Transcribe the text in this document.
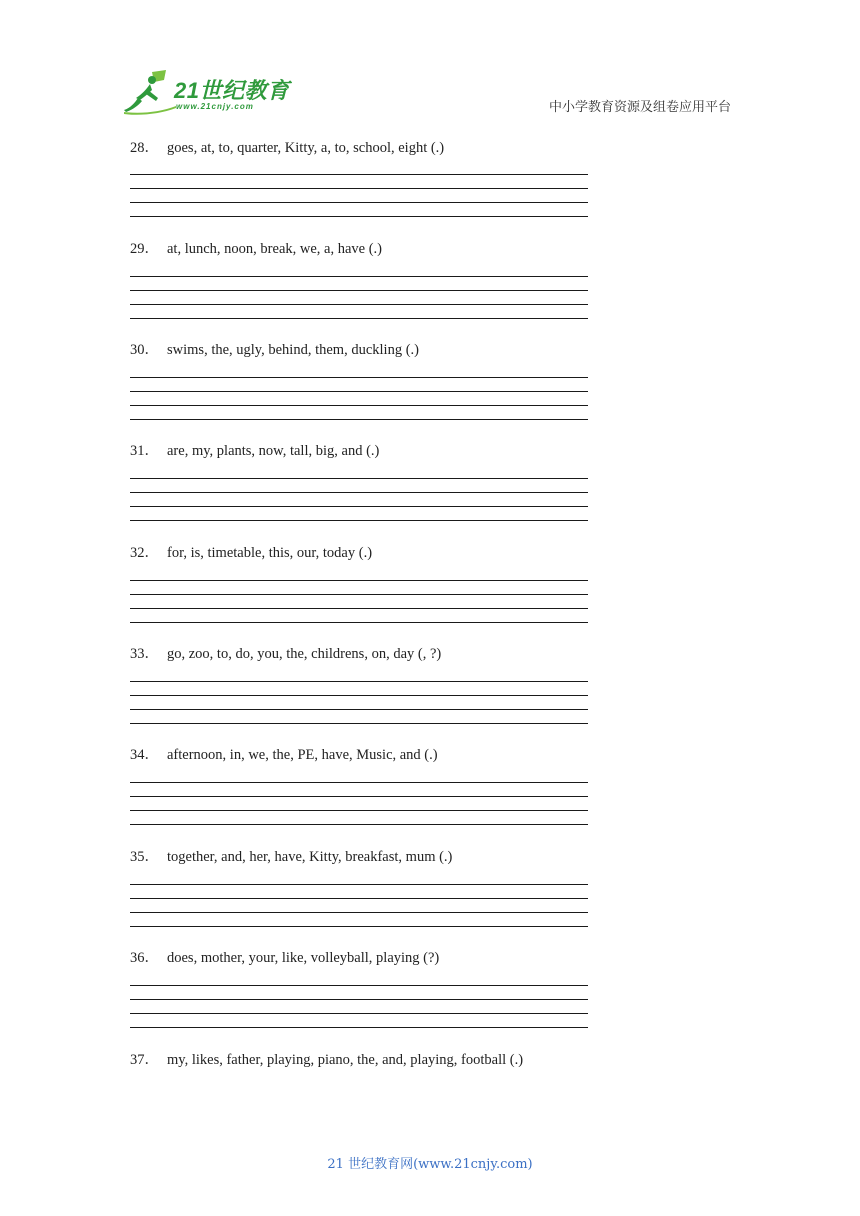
21世纪教育
www.21cnjy.com	中小学教育资源及组卷应用平台
28． goes, at, to, quarter, Kitty, a, to, school, eight (.)
29． at, lunch, noon, break, we, a, have (.)
30． swims, the, ugly, behind, them, duckling (.)
31． are, my, plants, now, tall, big, and (.)
32． for, is, timetable, this, our, today (.)
33． go, zoo, to, do, you, the, childrens, on, day (, ?)
34． afternoon, in, we, the, PE, have, Music, and (.)
35． together, and, her, have, Kitty, breakfast, mum (.)
36． does, mother, your, like, volleyball, playing (?)
37． my, likes, father, playing, piano, the, and, playing, football (.)
21 世纪教育网(www.21cnjy.com)
